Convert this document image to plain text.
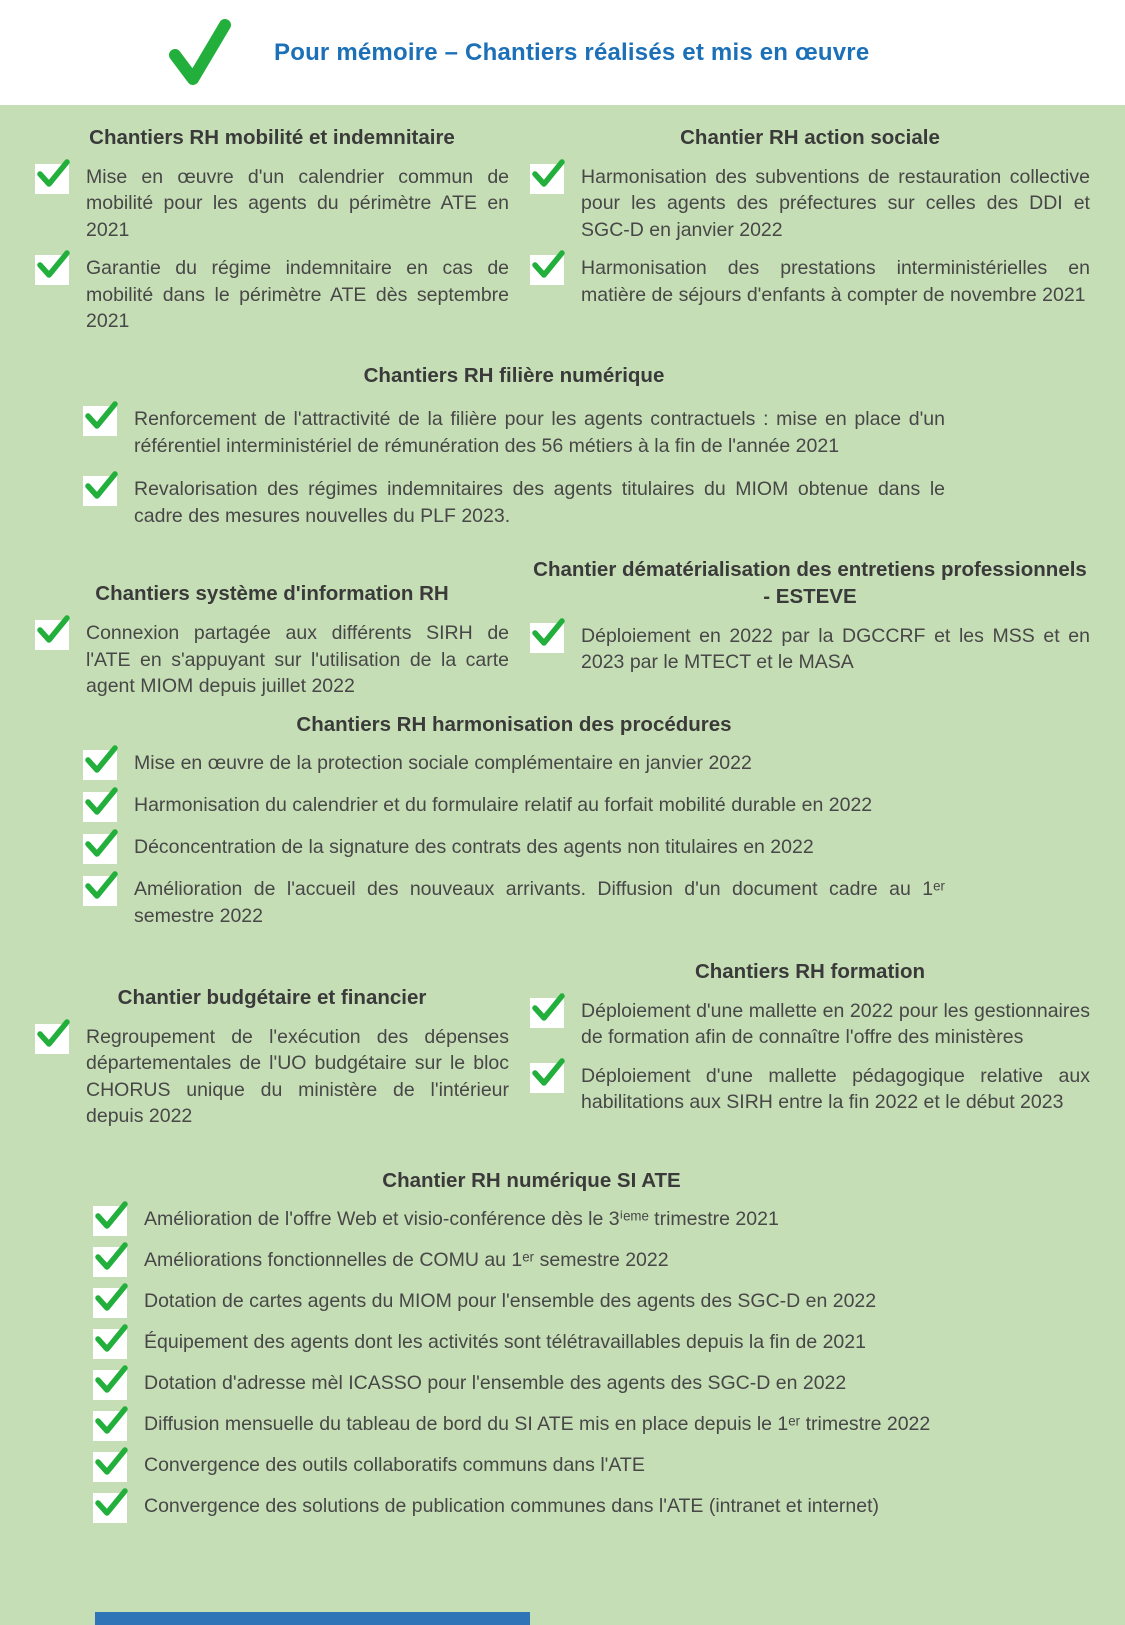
Pour mémoire – Chantiers réalisés et mis en œuvre
Chantiers RH mobilité et indemnitaire

Mise en œuvre d'un calendrier commun de mobilité pour les agents du périmètre ATE en 2021

Garantie du régime indemnitaire en cas de mobilité dans le périmètre ATE dès septembre 2021

Chantier RH action sociale

Harmonisation des subventions de restauration collective pour les agents des préfectures sur celles des DDI et SGC-D en janvier 2022

Harmonisation des prestations interministérielles en matière de séjours d'enfants à compter de novembre 2021

Chantiers RH filière numérique

Renforcement de l'attractivité de la filière pour les agents contractuels : mise en place d'un référentiel interministériel de rémunération des 56 métiers à la fin de l'année 2021

Revalorisation des régimes indemnitaires des agents titulaires du MIOM obtenue dans le cadre des mesures nouvelles du PLF 2023.

Chantiers système d'information RH

Connexion partagée aux différents SIRH de l'ATE en s'appuyant sur l'utilisation de la carte agent MIOM depuis juillet 2022

Chantier dématérialisation des entretiens professionnels - ESTEVE

Déploiement en 2022 par la DGCCRF et les MSS et en 2023 par le MTECT et le MASA

Chantiers RH harmonisation des procédures

Mise en œuvre de la protection sociale complémentaire en janvier 2022

Harmonisation du calendrier et du formulaire relatif au forfait mobilité durable en 2022

Déconcentration de la signature des contrats des agents non titulaires en 2022

Amélioration de l'accueil des nouveaux arrivants. Diffusion d'un document cadre au 1ᵉʳ semestre 2022

Chantier budgétaire et financier

Regroupement de l'exécution des dépenses départementales de l'UO budgétaire sur le bloc CHORUS unique du ministère de l'intérieur depuis 2022

Chantiers RH formation

Déploiement d'une mallette en 2022 pour les gestionnaires de formation afin de connaître l'offre des ministères

Déploiement d'une mallette pédagogique relative aux habilitations aux SIRH entre la fin 2022 et le début 2023

Chantier RH numérique SI ATE

Amélioration de l'offre Web et visio-conférence dès le 3ⁱᵉᵐᵉ trimestre 2021

Améliorations fonctionnelles de COMU au 1ᵉʳ semestre 2022

Dotation de cartes agents du MIOM pour l'ensemble des agents des SGC-D en 2022

Équipement des agents dont les activités sont télétravaillables depuis la fin de 2021

Dotation d'adresse mèl ICASSO pour l'ensemble des agents des SGC-D en 2022

Diffusion mensuelle du tableau de bord du SI ATE mis en place depuis le 1ᵉʳ trimestre 2022

Convergence des outils collaboratifs communs dans l'ATE

Convergence des solutions de publication communes dans l'ATE (intranet et internet)
